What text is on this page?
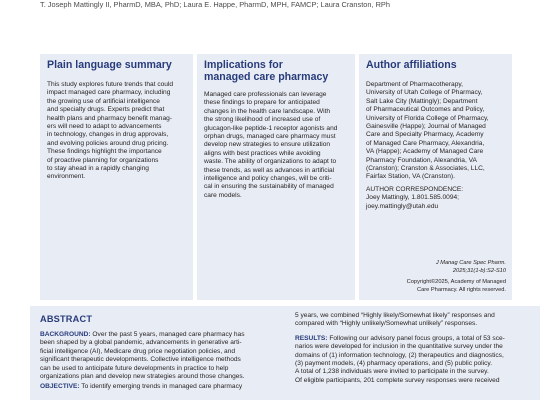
T. Joseph Mattingly II, PharmD, MBA, PhD; Laura E. Happe, PharmD, MPH, FAMCP; Laura Cranston, RPh
Plain language summary

This study explores future trends that could

impact managed care pharmacy, including

the growing use of artificial intelligence

and specialty drugs. Experts predict that

health plans and pharmacy benefit manag-

ers will need to adapt to advancements

in technology, changes in drug approvals,

and evolving policies around drug pricing.

These findings highlight the importance

of proactive planning for organizations

to stay ahead in a rapidly changing

environment.

Implications for
managed care pharmacy

Managed care professionals can leverage

these findings to prepare for anticipated

changes in the health care landscape. With

the strong likelihood of increased use of

glucagon-like peptide-1 receptor agonists and

orphan drugs, managed care pharmacy must

develop new strategies to ensure utilization

aligns with best practices while avoiding

waste. The ability of organizations to adapt to

these trends, as well as advances in artificial

intelligence and policy changes, will be criti-

cal in ensuring the sustainability of managed

care models.

Author affiliations

Department of Pharmacotherapy,

University of Utah College of Pharmacy,

Salt Lake City (Mattingly); Department

of Pharmaceutical Outcomes and Policy,

University of Florida College of Pharmacy,

Gainesville (Happe); Journal of Managed

Care and Specialty Pharmacy, Academy

of Managed Care Pharmacy, Alexandria,

VA (Happe); Academy of Managed Care

Pharmacy Foundation, Alexandria, VA

(Cranston); Cranston & Associates, LLC,

Fairfax Station, VA (Cranston).

AUTHOR CORRESPONDENCE:

Joey Mattingly, 1.801.585.0094;

joey.mattingly@utah.edu

J Manag Care Spec Pharm.
2025;31(1-b):S2-S10
Copyright©2025, Academy of Managed
Care Pharmacy. All rights reserved.
ABSTRACT
BACKGROUND: Over the past 5 years, managed care pharmacy has
been shaped by a global pandemic, advancements in generative arti-
ficial intelligence (AI), Medicare drug price negotiation policies, and
significant therapeutic developments. Collective intelligence methods
can be used to anticipate future developments in practice to help
organizations plan and develop new strategies around those changes.
OBJECTIVE: To identify emerging trends in managed care pharmacy
5 years, we combined “Highly likely/Somewhat likely” responses and
compared with “Highly unlikely/Somewhat unlikely” responses.
RESULTS: Following our advisory panel focus groups, a total of 53 sce-
narios were developed for inclusion in the quantitative survey under the
domains of (1) information technology, (2) therapeutics and diagnostics,
(3) payment models, (4) pharmacy operations, and (5) public policy.
A total of 1,238 individuals were invited to participate in the survey.
Of eligible participants, 201 complete survey responses were received
